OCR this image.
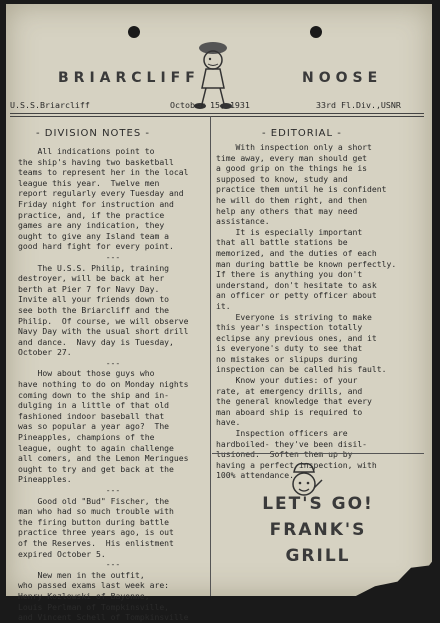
BRIARCLIFF	NOOSE
U.S.S.Briarcliff	October 15, 1931	33rd Fl.Div.,USNR
- DIVISION NOTES -	- EDITORIAL -

All indications point to

the ship's having two basketball

teams to represent her in the local

league this year.  Twelve men

report regularly every Tuesday and

Friday night for instruction and

practice, and, if the practice

games are any indication, they

ought to give any Island team a

good hard fight for every point.

---

The U.S.S. Philip, training

destroyer, will be back at her

berth at Pier 7 for Navy Day.

Invite all your friends down to

see both the Briarcliff and the

Philip.  Of course, we will observe

Navy Day with the usual short drill

and dance.  Navy day is Tuesday,

October 27.

---

How about those guys who

have nothing to do on Monday nights

coming down to the ship and in-

dulging in a little of that old

fashioned indoor baseball that

was so popular a year ago?  The

Pineapples, champions of the

league, ought to again challenge

all comers, and the Lemon Meringues

ought to try and get back at the

Pineapples.

---

Good old "Bud" Fischer, the

man who had so much trouble with

the firing button during battle

practice three years ago, is out

of the Reserves.  His enlistment

expired October 5.

---

New men in the outfit,

who passed exams last week are:

Henry Kozlowski of Bayonne,

Louis Perlman of Tompkinsville,

and Vincent Schell of Tompkinsville

With inspection only a short

time away, every man should get

a good grip on the things he is

supposed to know, study and

practice them until he is confident

he will do them right, and then

help any others that may need

assistance.

It is especially important

that all battle stations be

memorized, and the duties of each

man during battle be known perfectly.

If there is anything you don't

understand, don't hesitate to ask

an officer or petty officer about

it.

Everyone is striving to make

this year's inspection totally

eclipse any previous ones, and it

is everyone's duty to see that

no mistakes or slipups during

inspection can be called his fault.

Know your duties: of your

rate, at emergency drills, and

the general knowledge that every

man aboard ship is required to

have.

Inspection officers are

hardboiled- they've been disil-

lusioned.  Soften them up by

having a perfect inspection, with

100% attendance.

LET'S GO!
FRANK'S
GRILL
